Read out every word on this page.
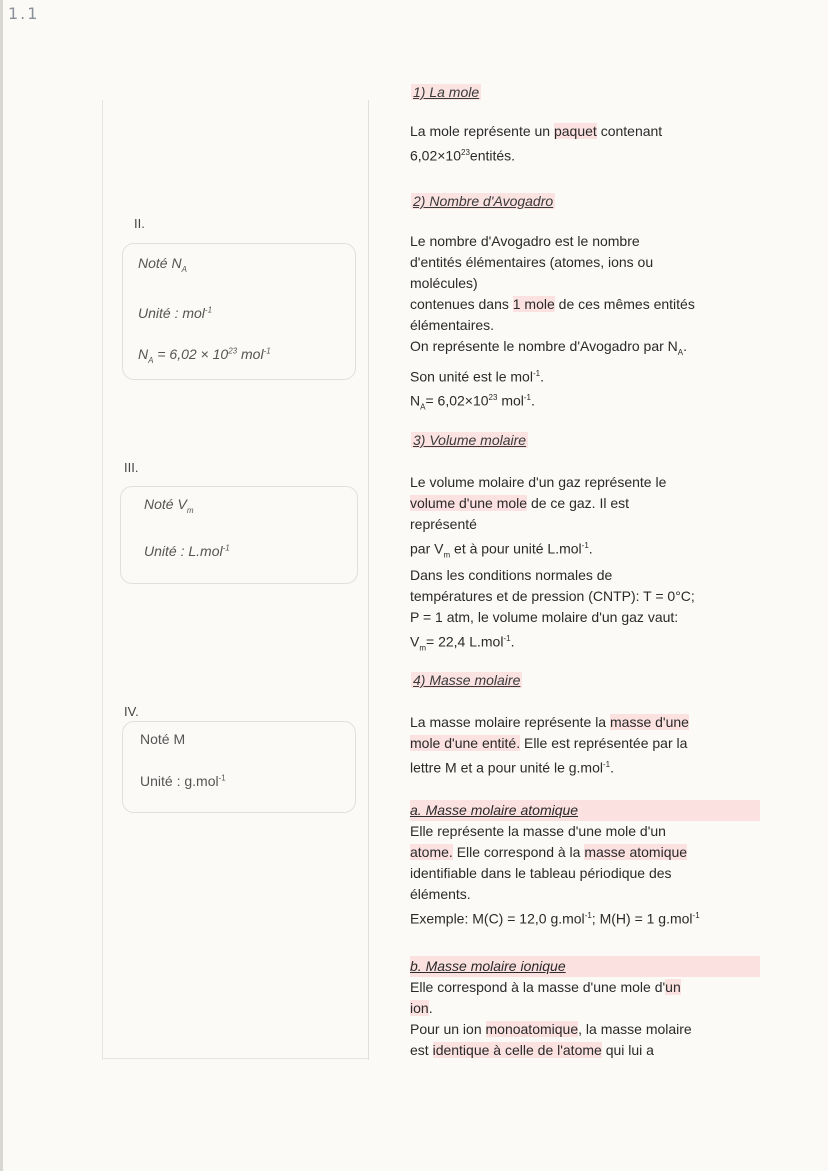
1.1
II.
Noté $N_A$
Unité : mol$^{-1}$
$N_A = 6,02 \times 10^{23}$ mol$^{-1}$
III.
Noté $V_m$
Unité : L.mol$^{-1}$
IV.
Noté M
Unité : g.mol$^{-1}$
1) La mole
La mole représente un paquet contenant
$6,02\times 10^{23}entités$.
2) Nombre d'Avogadro
Le nombre d'Avogadro est le nombre
d'entités élémentaires (atomes, ions ou
molécules)
contenues dans 1 mole de ces mêmes entités
élémentaires.
On représente le nombre d'Avogadro par $N_A$.
Son unité est le mol$^{-1}$.
$N_A= 6,02\times 10^{23}$ mol$^{-1}$.
3) Volume molaire
Le volume molaire d'un gaz représente le
volume d'une mole de ce gaz. Il est
représenté
par $V_m$ et à pour unité L.mol$^{-1}$.
Dans les conditions normales de
températures et de pression (CNTP): T = 0°C;
P = 1 atm, le volume molaire d'un gaz vaut:
$V_m= 22,4$ L.mol$^{-1}$.
4) Masse molaire
La masse molaire représente la masse d'une
mole d'une entité. Elle est représentée par la
lettre M et a pour unité le g.mol$^{-1}$.
a. Masse molaire atomique
Elle représente la masse d'une mole d'un
atome. Elle correspond à la masse atomique
identifiable dans le tableau périodique des
éléments.
Exemple: M(C) = 12,0 g.mol$^{-1}$; M(H) = 1 g.mol$^{-1}$
b. Masse molaire ionique
Elle correspond à la masse d'une mole d'un
ion.
Pour un ion monoatomique, la masse molaire
est identique à celle de l'atome qui lui a
